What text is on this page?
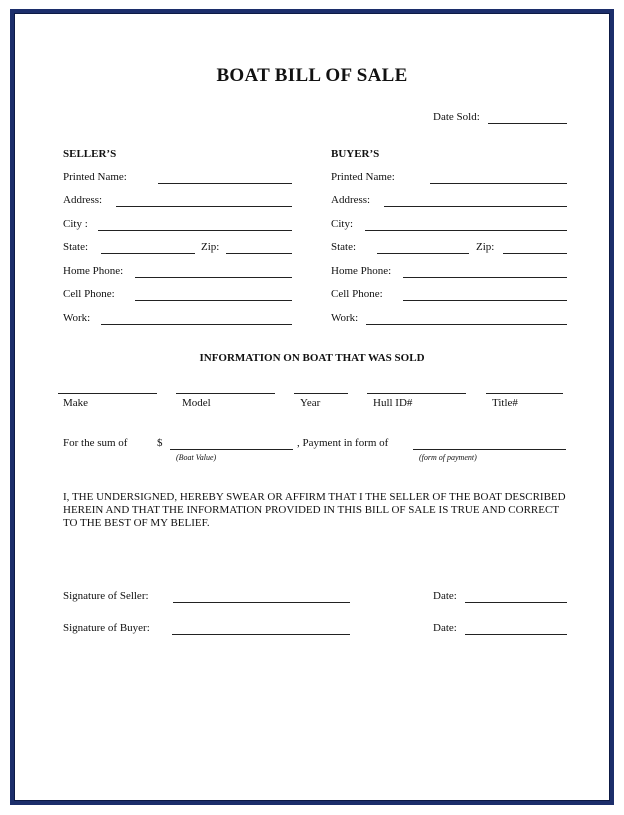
BOAT BILL OF SALE
Date Sold:
SELLER’S
Printed Name:
Address:
City :
State:	Zip:
Home Phone:
Cell Phone:
Work:
BUYER’S
Printed Name:
Address:
City:
State:	Zip:
Home Phone:
Cell Phone:
Work:
INFORMATION ON BOAT THAT WAS SOLD
Make	Model	Year	Hull ID#	Title#
For the sum of	$	, Payment in form of
(Boat Value)	(form of payment)
I, THE UNDERSIGNED, HEREBY SWEAR OR AFFIRM THAT I THE SELLER OF THE BOAT DESCRIBED HEREIN AND THAT THE INFORMATION PROVIDED IN THIS BILL OF SALE IS TRUE AND CORRECT TO THE BEST OF MY BELIEF.
Signature of Seller:	Date:
Signature of Buyer:	Date:
